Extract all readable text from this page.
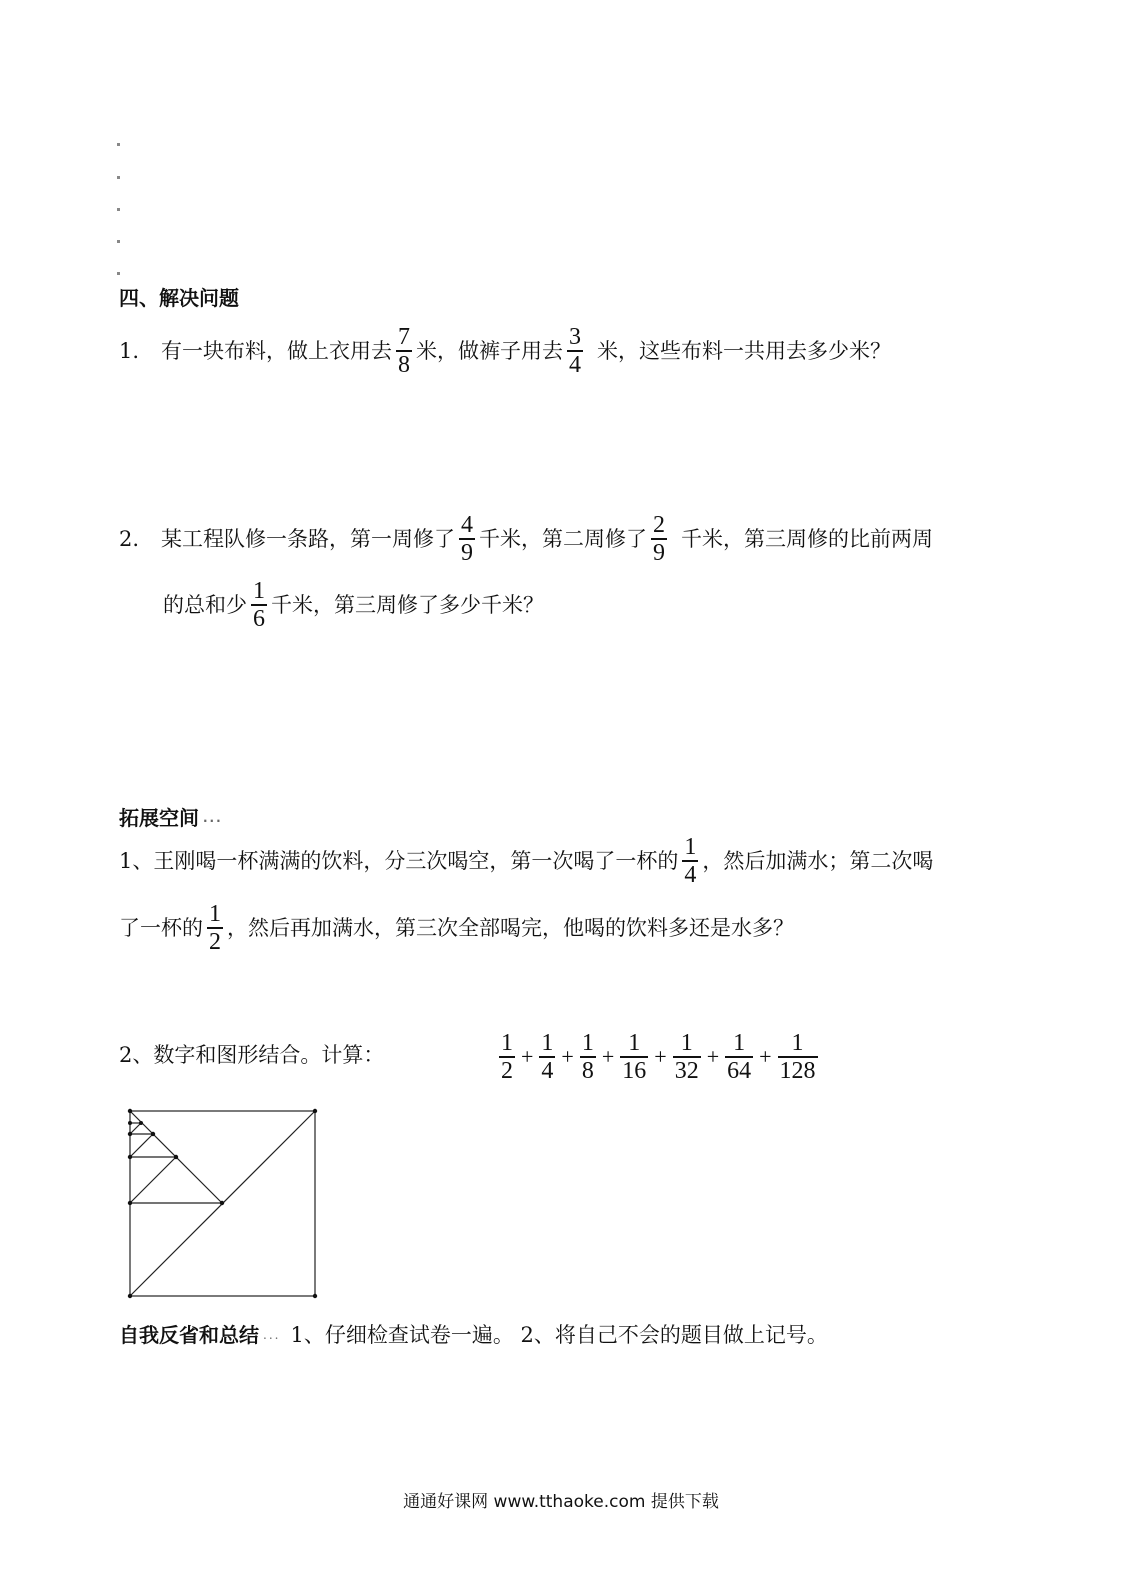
四、解决问题
1. 有一块布料，做上衣用去 $\frac{7}{8}$ 米，做裤子用去 $\frac{3}{4}$ 米，这些布料一共用去多少米？
2. 某工程队修一条路，第一周修了 $\frac{4}{9}$ 千米，第二周修了 $\frac{2}{9}$ 千米，第三周修的比前两周
的总和少 $\frac{1}{6}$ 千米，第三周修了多少千米？
拓展空间 ...
1、王刚喝一杯满满的饮料，分三次喝空，第一次喝了一杯的 $\frac{1}{4}$ ，然后加满水；第二次喝
了一杯的 $\frac{1}{2}$ ，然后再加满水，第三次全部喝完，他喝的饮料多还是水多？
2、数字和图形结合。计算：	$\frac{1}{2} + \frac{1}{4} + \frac{1}{8} + \frac{1}{16} + \frac{1}{32} + \frac{1}{64} + \frac{1}{128}$
自我反省和总结 ... 1、仔细检查试卷一遍。 2、将自己不会的题目做上记号。
通通好课网 www.tthaoke.com 提供下载
